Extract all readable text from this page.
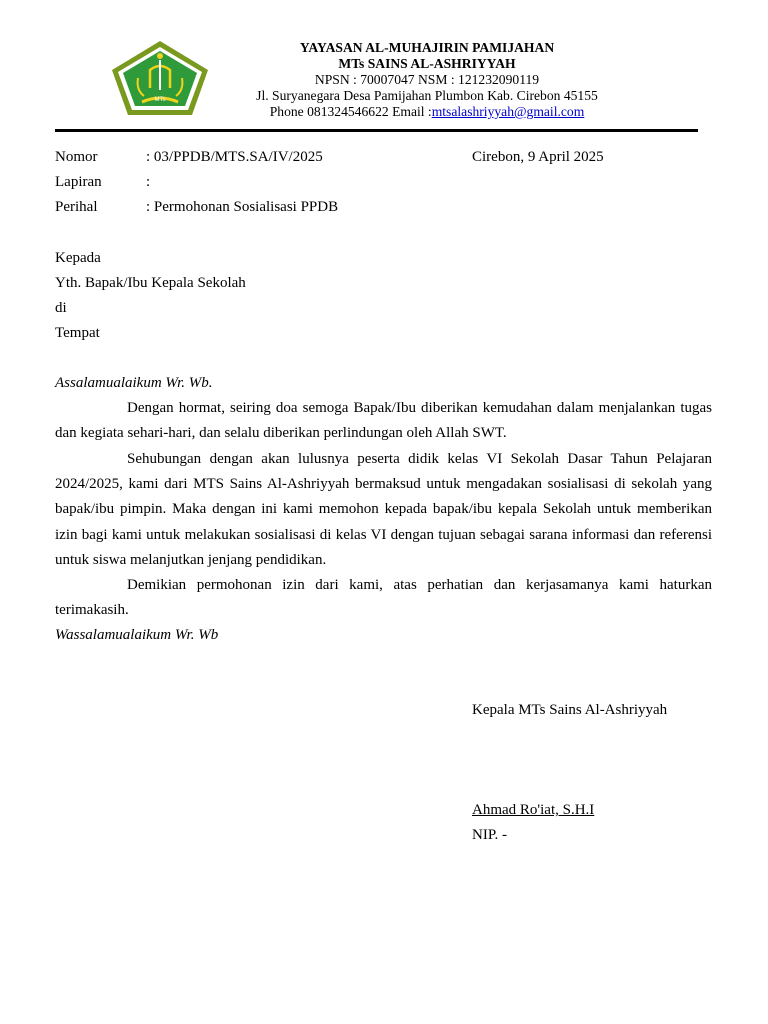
MTs
YAYASAN AL-MUHAJIRIN PAMIJAHAN
MTs SAINS AL-ASHRIYYAH
NPSN : 70007047 NSM : 121232090119
Jl. Suryanegara Desa Pamijahan Plumbon Kab. Cirebon 45155
Phone 081324546622 Email :mtsalashriyyah@gmail.com
Nomor	: 03/PPDB/MTS.SA/IV/2025	Cirebon, 9 April 2025
Lapiran	:
Perihal	: Permohonan Sosialisasi PPDB
Kepada
Yth. Bapak/Ibu Kepala Sekolah
di
Tempat
Assalamualaikum Wr. Wb.
Dengan hormat, seiring doa semoga Bapak/Ibu diberikan kemudahan dalam menjalankan tugas dan kegiata sehari-hari, dan selalu diberikan perlindungan oleh Allah SWT.
Sehubungan dengan akan lulusnya peserta didik kelas VI Sekolah Dasar Tahun Pelajaran 2024/2025, kami dari MTS Sains Al-Ashriyyah bermaksud untuk mengadakan sosialisasi di sekolah yang bapak/ibu pimpin. Maka dengan ini kami memohon kepada bapak/ibu kepala Sekolah untuk memberikan izin bagi kami untuk melakukan sosialisasi di kelas VI dengan tujuan sebagai sarana informasi dan referensi untuk siswa melanjutkan jenjang pendidikan.
Demikian permohonan izin dari kami, atas perhatian dan kerjasamanya kami haturkan terimakasih.
Wassalamualaikum Wr. Wb
Kepala MTs Sains Al-Ashriyyah
Ahmad Ro'iat, S.H.I
NIP. -
